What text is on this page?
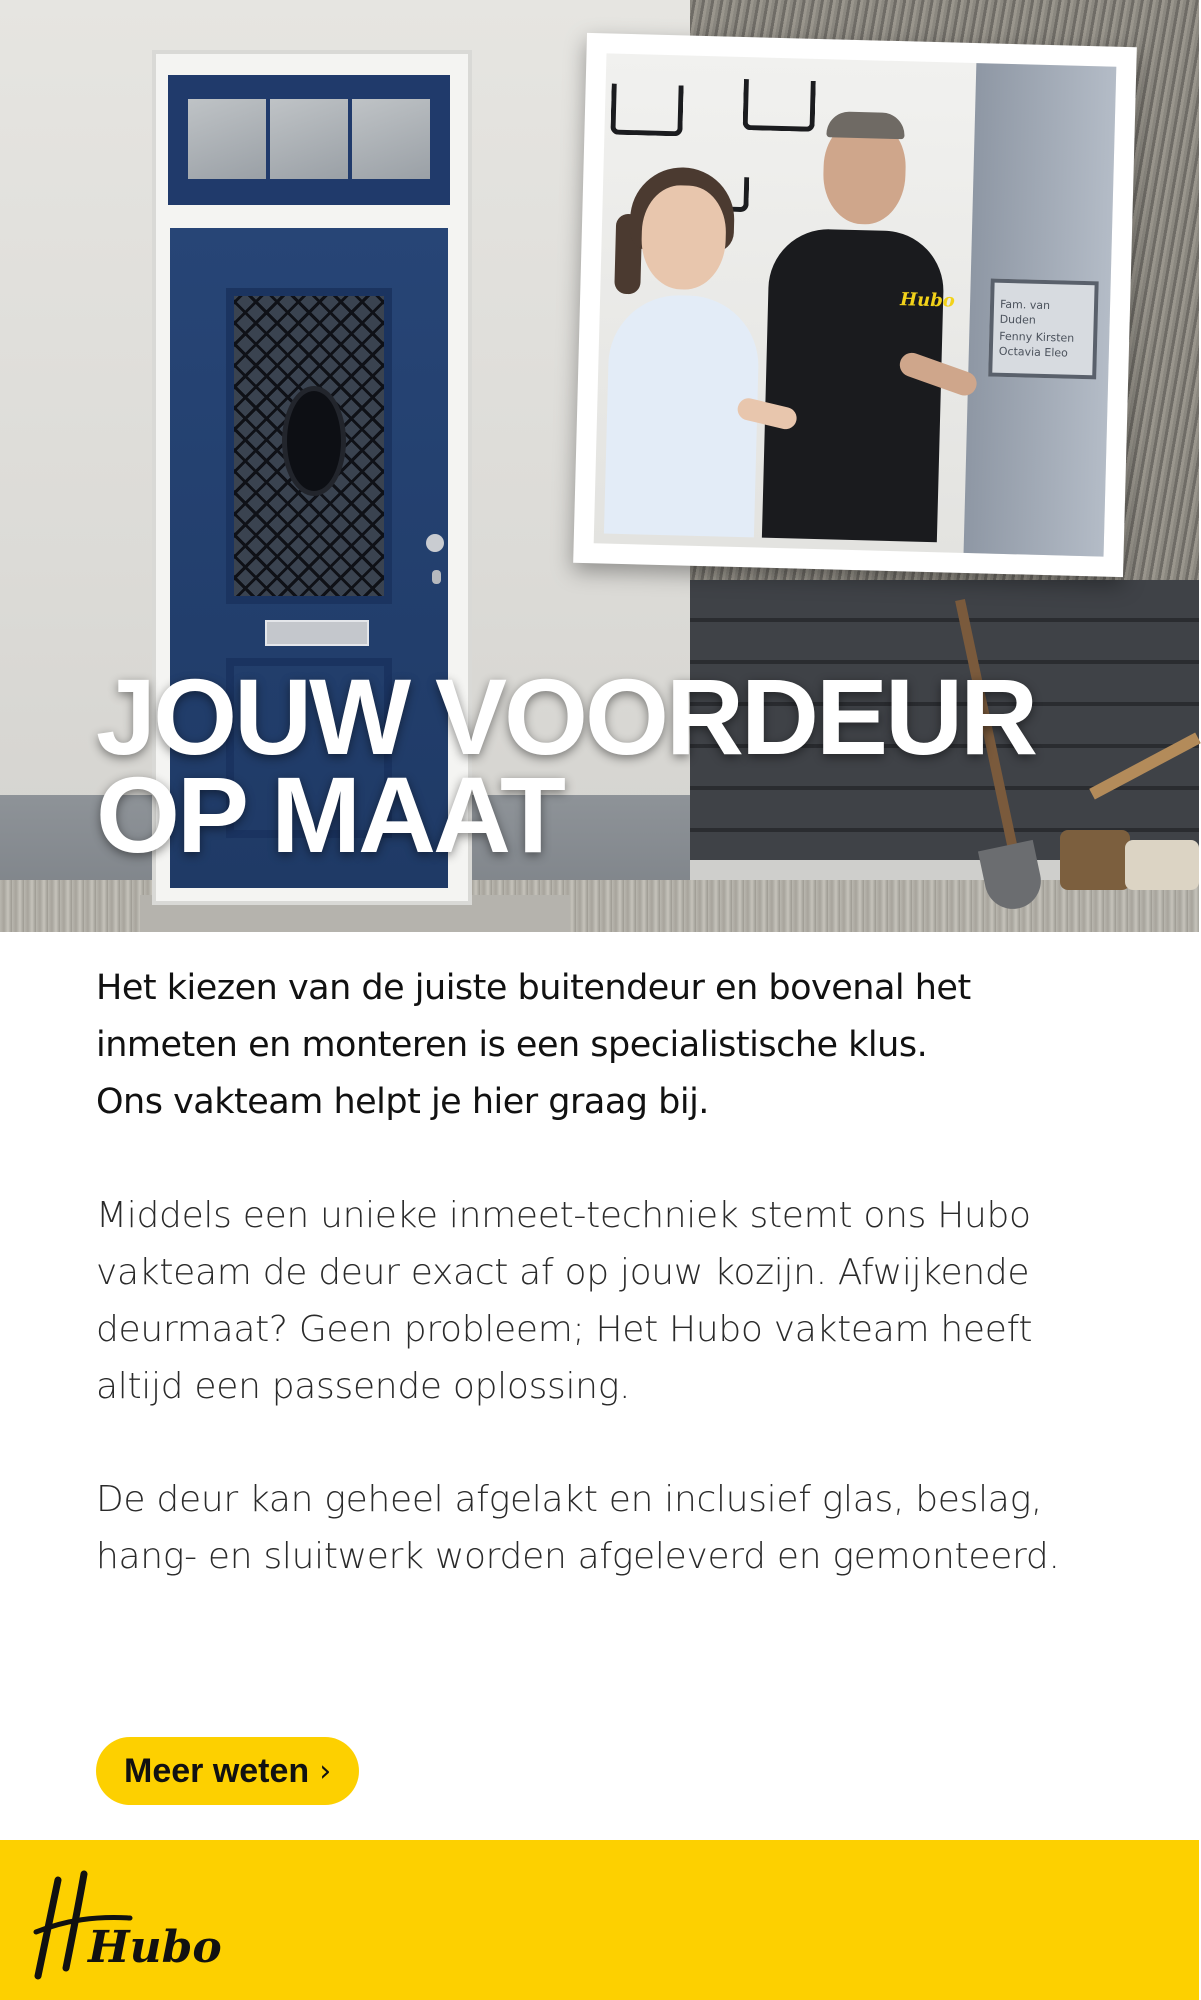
Fam. van Duden
Fenny Kirsten Octavia Eleo
Hubo
JOUW VOORDEUR
OP MAAT

Het kiezen van de juiste buitendeur en bovenal het
inmeten en monteren is een specialistische klus.
Ons vakteam helpt je hier graag bij.

Middels een unieke inmeet-techniek stemt ons Hubo
vakteam de deur exact af op jouw kozijn. Afwijkende
deurmaat? Geen probleem; Het Hubo vakteam heeft
altijd een passende oplossing.

De deur kan geheel afgelakt en inclusief glas, beslag,
hang- en sluitwerk worden afgeleverd en gemonteerd.

Meer weten ›
Hubo
